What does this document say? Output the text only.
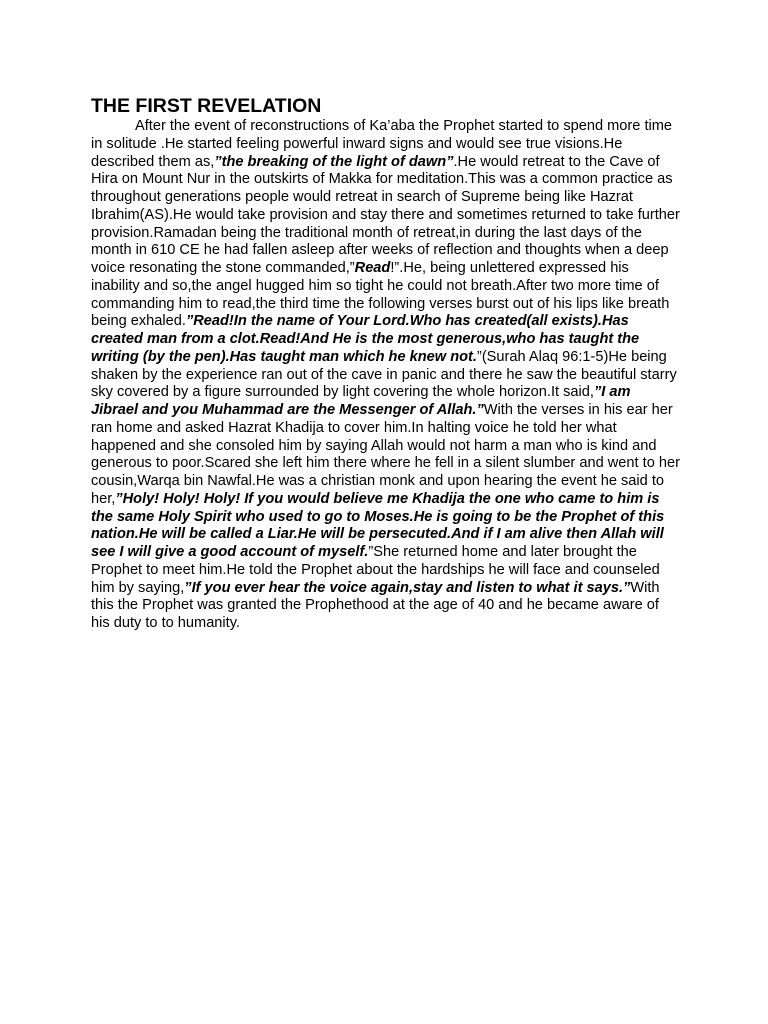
THE FIRST REVELATION

After the event of reconstructions of Ka’aba the Prophet started to spend more time in solitude .He started feeling powerful inward signs and would see true visions.He described them as,”the breaking of the light of dawn”.He would retreat to the Cave of Hira on Mount Nur in the outskirts of Makka for meditation.This was a common practice as throughout generations people would retreat in search of Supreme being like Hazrat Ibrahim(AS).He would take provision and stay there and sometimes returned to take further provision.Ramadan being the traditional month of retreat,in during the last days of the month in 610 CE he had fallen asleep after weeks of reflection and thoughts when a deep voice resonating the stone commanded,”Read!”.He, being unlettered expressed his inability and so,the angel hugged him so tight he could not breath.After two more time of commanding him to read,the third time the following verses burst out of his lips like breath being exhaled.”Read!In the name of Your Lord.Who has created(all exists).Has created man from a clot.Read!And He is the most generous,who has taught the writing (by the pen).Has taught man which he knew not.”(Surah Alaq 96:1-5)He being shaken by the experience ran out of the cave in panic and there he saw the beautiful starry sky covered by a figure surrounded by light covering the whole horizon.It said,”I am Jibrael and you Muhammad are the Messenger of Allah.”With the verses in his ear her ran home and asked Hazrat Khadija to cover him.In halting voice he told her what happened and she consoled him by saying Allah would not harm a man who is kind and generous to poor.Scared she left him there where he fell in a silent slumber and went to her cousin,Warqa bin Nawfal.He was a christian monk and upon hearing the event he said to her,”Holy! Holy! Holy! If you would believe me Khadija the one who came to him is the same Holy Spirit who used to go to Moses.He is going to be the Prophet of this nation.He will be called a Liar.He will be persecuted.And if I am alive then Allah will see I will give a good account of myself.”She returned home and later brought the Prophet to meet him.He told the Prophet about the hardships he will face and counseled him by saying,”If you ever hear the voice again,stay and listen to what it says.”With this the Prophet was granted the Prophethood at the age of 40 and he became aware of his duty to to humanity.
